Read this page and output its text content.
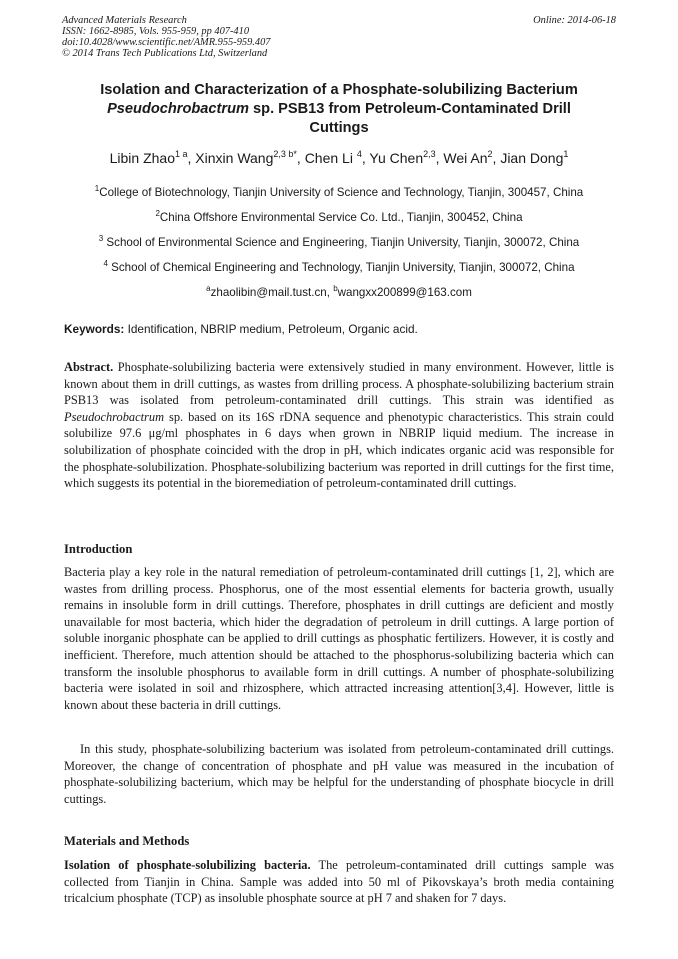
Advanced Materials Research
ISSN: 1662-8985, Vols. 955-959, pp 407-410
doi:10.4028/www.scientific.net/AMR.955-959.407
© 2014 Trans Tech Publications Ltd, Switzerland
Online: 2014-06-18
Isolation and Characterization of a Phosphate-solubilizing Bacterium
Pseudochrobactrum sp. PSB13 from Petroleum-Contaminated Drill
Cuttings
Libin Zhao$^{1 a}$, Xinxin Wang$^{2,3 b*}$, Chen Li $^4$, Yu Chen$^{2,3}$, Wei An$^2$, Jian Dong$^1$
$^1$College of Biotechnology, Tianjin University of Science and Technology, Tianjin, 300457, China
$^2$China Offshore Environmental Service Co. Ltd., Tianjin, 300452, China
$^3$ School of Environmental Science and Engineering, Tianjin University, Tianjin, 300072, China
$^4$ School of Chemical Engineering and Technology, Tianjin University, Tianjin, 300072, China
$^a$zhaolibin@mail.tust.cn, $^b$wangxx200899@163.com
Keywords: Identification, NBRIP medium, Petroleum, Organic acid.
Abstract. Phosphate-solubilizing bacteria were extensively studied in many environment. However, little is known about them in drill cuttings, as wastes from drilling process. A phosphate-solubilizing bacterium strain PSB13 was isolated from petroleum-contaminated drill cuttings. This strain was identified as Pseudochrobactrum sp. based on its 16S rDNA sequence and phenotypic characteristics. This strain could solubilize 97.6 μg/ml phosphates in 6 days when grown in NBRIP liquid medium. The increase in solubilization of phosphate coincided with the drop in pH, which indicates organic acid was responsible for the phosphate-solubilization. Phosphate-solubilizing bacterium was reported in drill cuttings for the first time, which suggests its potential in the bioremediation of petroleum-contaminated drill cuttings.
Introduction
Bacteria play a key role in the natural remediation of petroleum-contaminated drill cuttings [1, 2], which are wastes from drilling process. Phosphorus, one of the most essential elements for bacteria growth, usually remains in insoluble form in drill cuttings. Therefore, phosphates in drill cuttings are deficient and mostly unavailable for most bacteria, which hider the degradation of petroleum in drill cuttings. A large portion of soluble inorganic phosphate can be applied to drill cuttings as phosphatic fertilizers. However, it is costly and inefficient. Therefore, much attention should be attached to the phosphorus-solubilizing bacteria which can transform the insoluble phosphorus to available form in drill cuttings. A number of phosphate-solubilizing bacteria were isolated in soil and rhizosphere, which attracted increasing attention[3,4]. However, little is known about these bacteria in drill cuttings.
In this study, phosphate-solubilizing bacterium was isolated from petroleum-contaminated drill cuttings. Moreover, the change of concentration of phosphate and pH value was measured in the incubation of phosphate-solubilizing bacterium, which may be helpful for the understanding of phosphate biocycle in drill cuttings.
Materials and Methods
Isolation of phosphate-solubilizing bacteria. The petroleum-contaminated drill cuttings sample was collected from Tianjin in China. Sample was added into 50 ml of Pikovskaya’s broth media containing tricalcium phosphate (TCP) as insoluble phosphate source at pH 7 and shaken for 7 days.
